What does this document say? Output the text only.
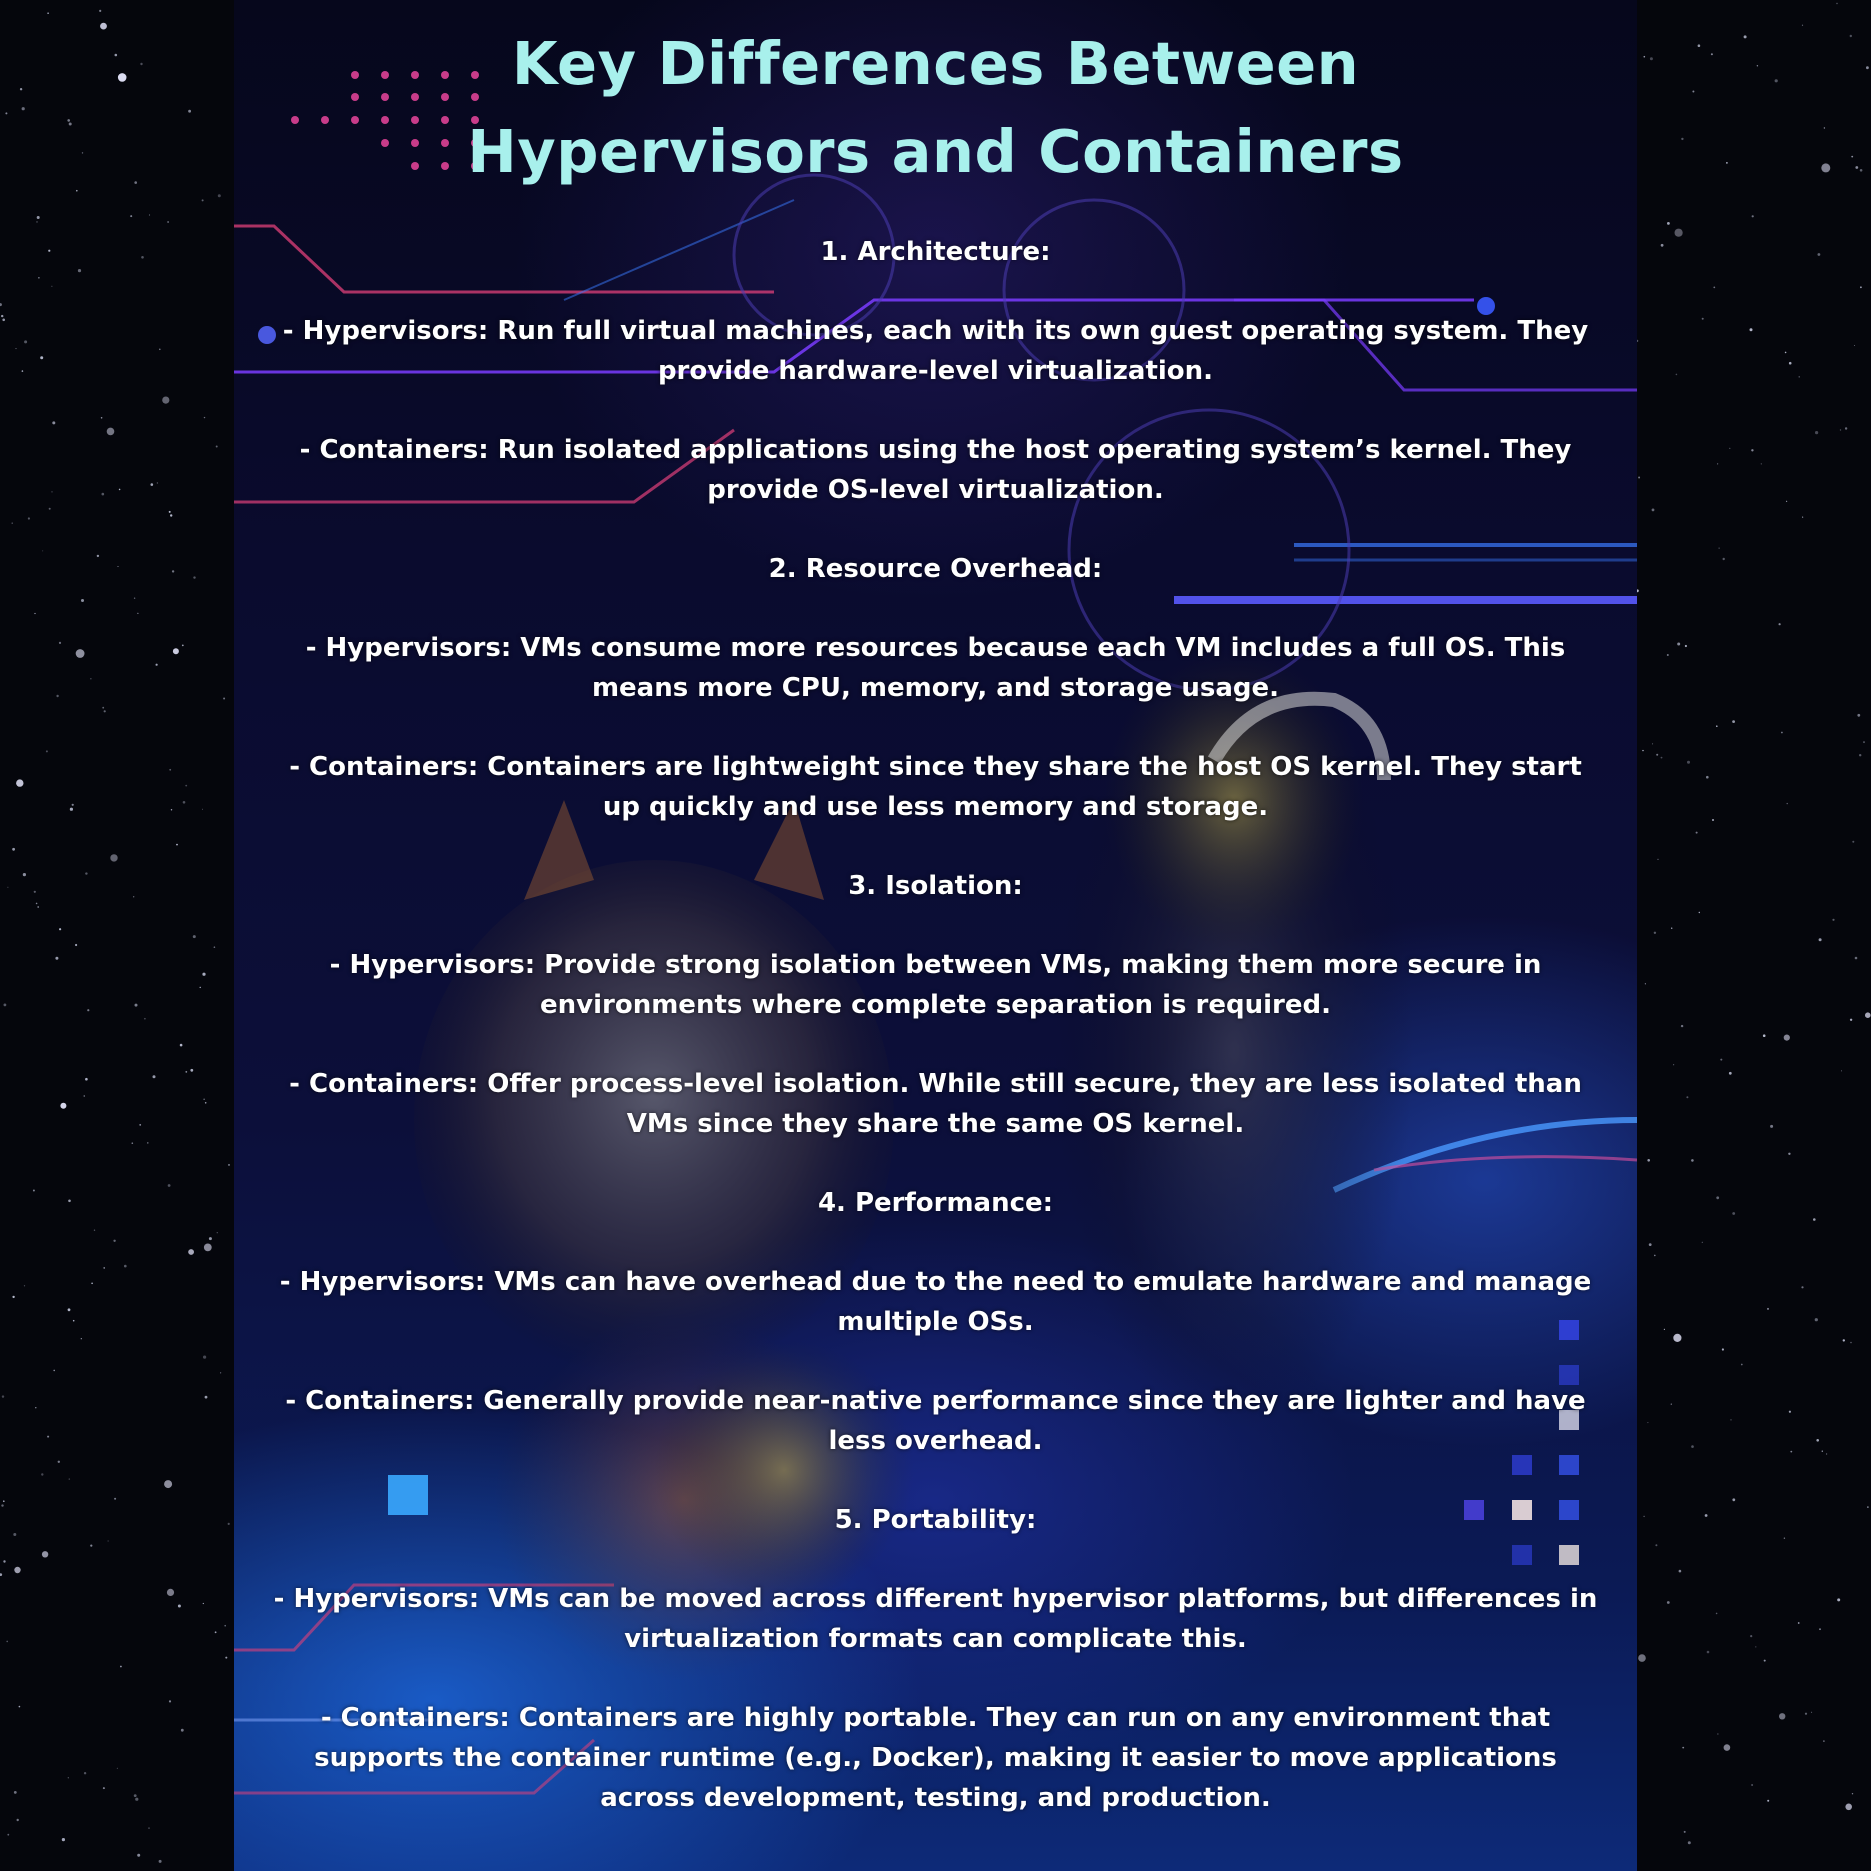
Key Differences Between
Hypervisors and Containers
1. Architecture:

- Hypervisors: Run full virtual machines, each with its own guest operating system. They provide hardware-level virtualization.

- Containers: Run isolated applications using the host operating system’s kernel. They provide OS-level virtualization.

2. Resource Overhead:

- Hypervisors: VMs consume more resources because each VM includes a full OS. This means more CPU, memory, and storage usage.

- Containers: Containers are lightweight since they share the host OS kernel. They start up quickly and use less memory and storage.

3. Isolation:

- Hypervisors: Provide strong isolation between VMs, making them more secure in environments where complete separation is required.

- Containers: Offer process-level isolation. While still secure, they are less isolated than VMs since they share the same OS kernel.

4. Performance:

- Hypervisors: VMs can have overhead due to the need to emulate hardware and manage multiple OSs.

- Containers: Generally provide near-native performance since they are lighter and have less overhead.

5. Portability:

- Hypervisors: VMs can be moved across different hypervisor platforms, but differences in virtualization formats can complicate this.

- Containers: Containers are highly portable. They can run on any environment that supports the container runtime (e.g., Docker), making it easier to move applications across development, testing, and production.
